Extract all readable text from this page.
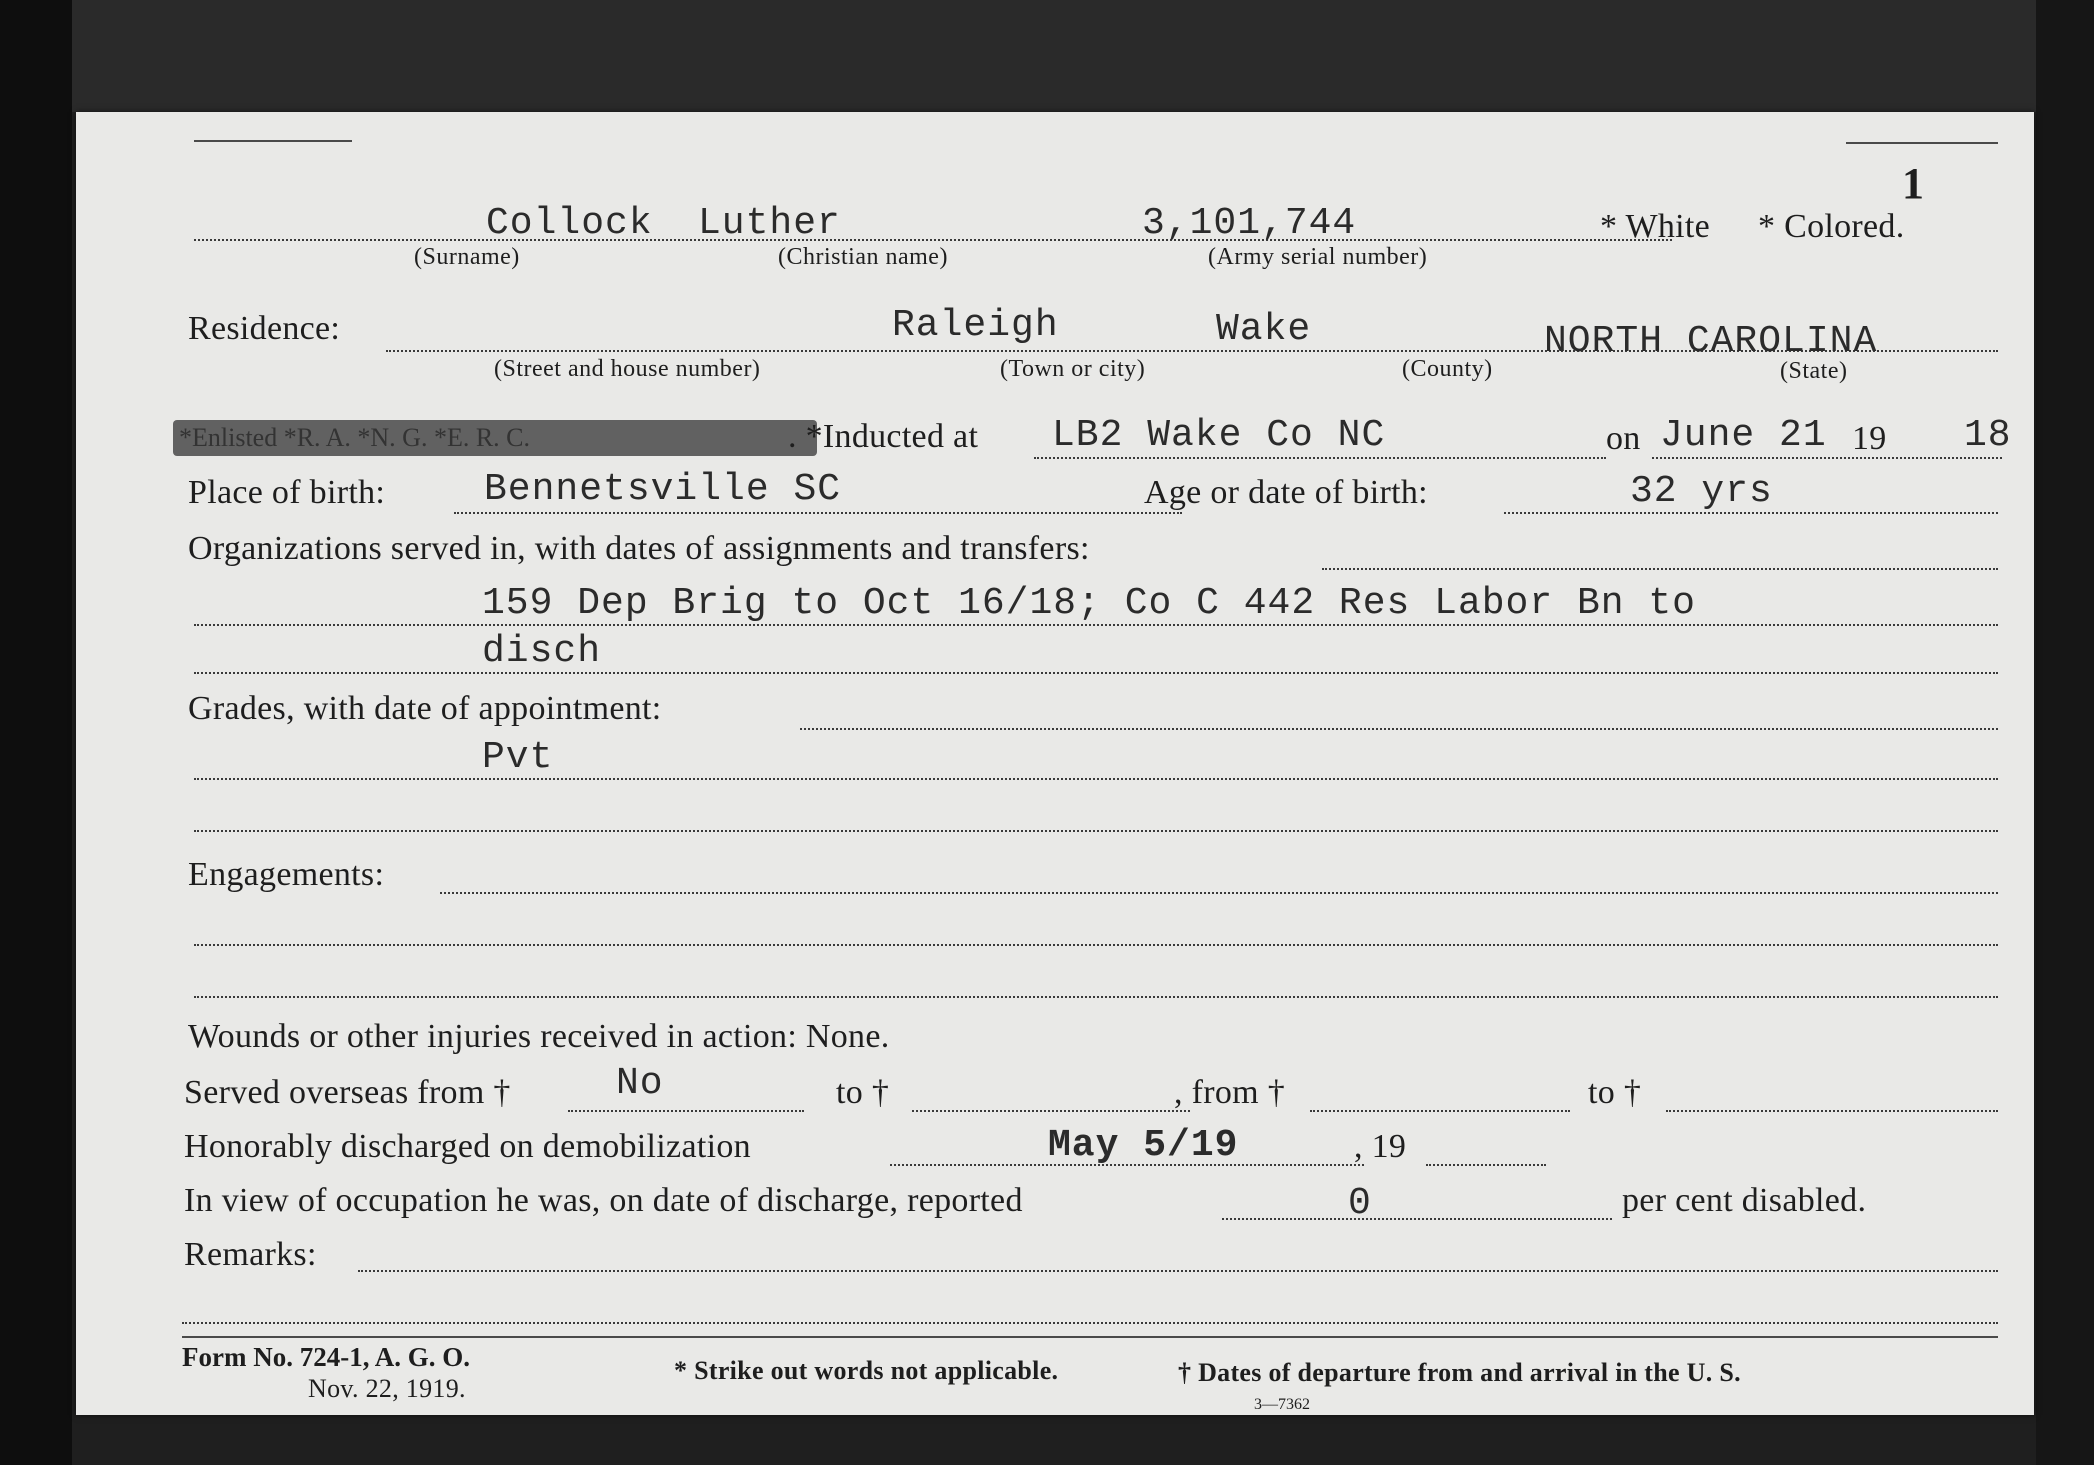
1
Collock Luther	3,101,744	* White * Colored.
(Surname)	(Christian name)	(Army serial number)
Residence:	Raleigh	Wake	NORTH CAROLINA
(Street and house number)	(Town or city)	(County)	(State)
*Enlisted *R. A. *N. G. *E. R. C.	. *Inducted at LB2 Wake Co NC	on June 21 19 18
Place of birth:	Bennetsville SC	Age or date of birth:	32 yrs
Organizations served in, with dates of assignments and transfers:
159 Dep Brig to Oct 16/18; Co C 442 Res Labor Bn to
disch
Grades, with date of appointment:
Pvt
Engagements:
Wounds or other injuries received in action: None.
Served overseas from †	No	to †	, from †	to †
Honorably discharged on demobilization	May 5/19	, 19
In view of occupation he was, on date of discharge, reported	0	per cent disabled.
Remarks:
Form No. 724-1, A. G. O.
Nov. 22, 1919.
* Strike out words not applicable.	† Dates of departure from and arrival in the U. S.
3—7362
